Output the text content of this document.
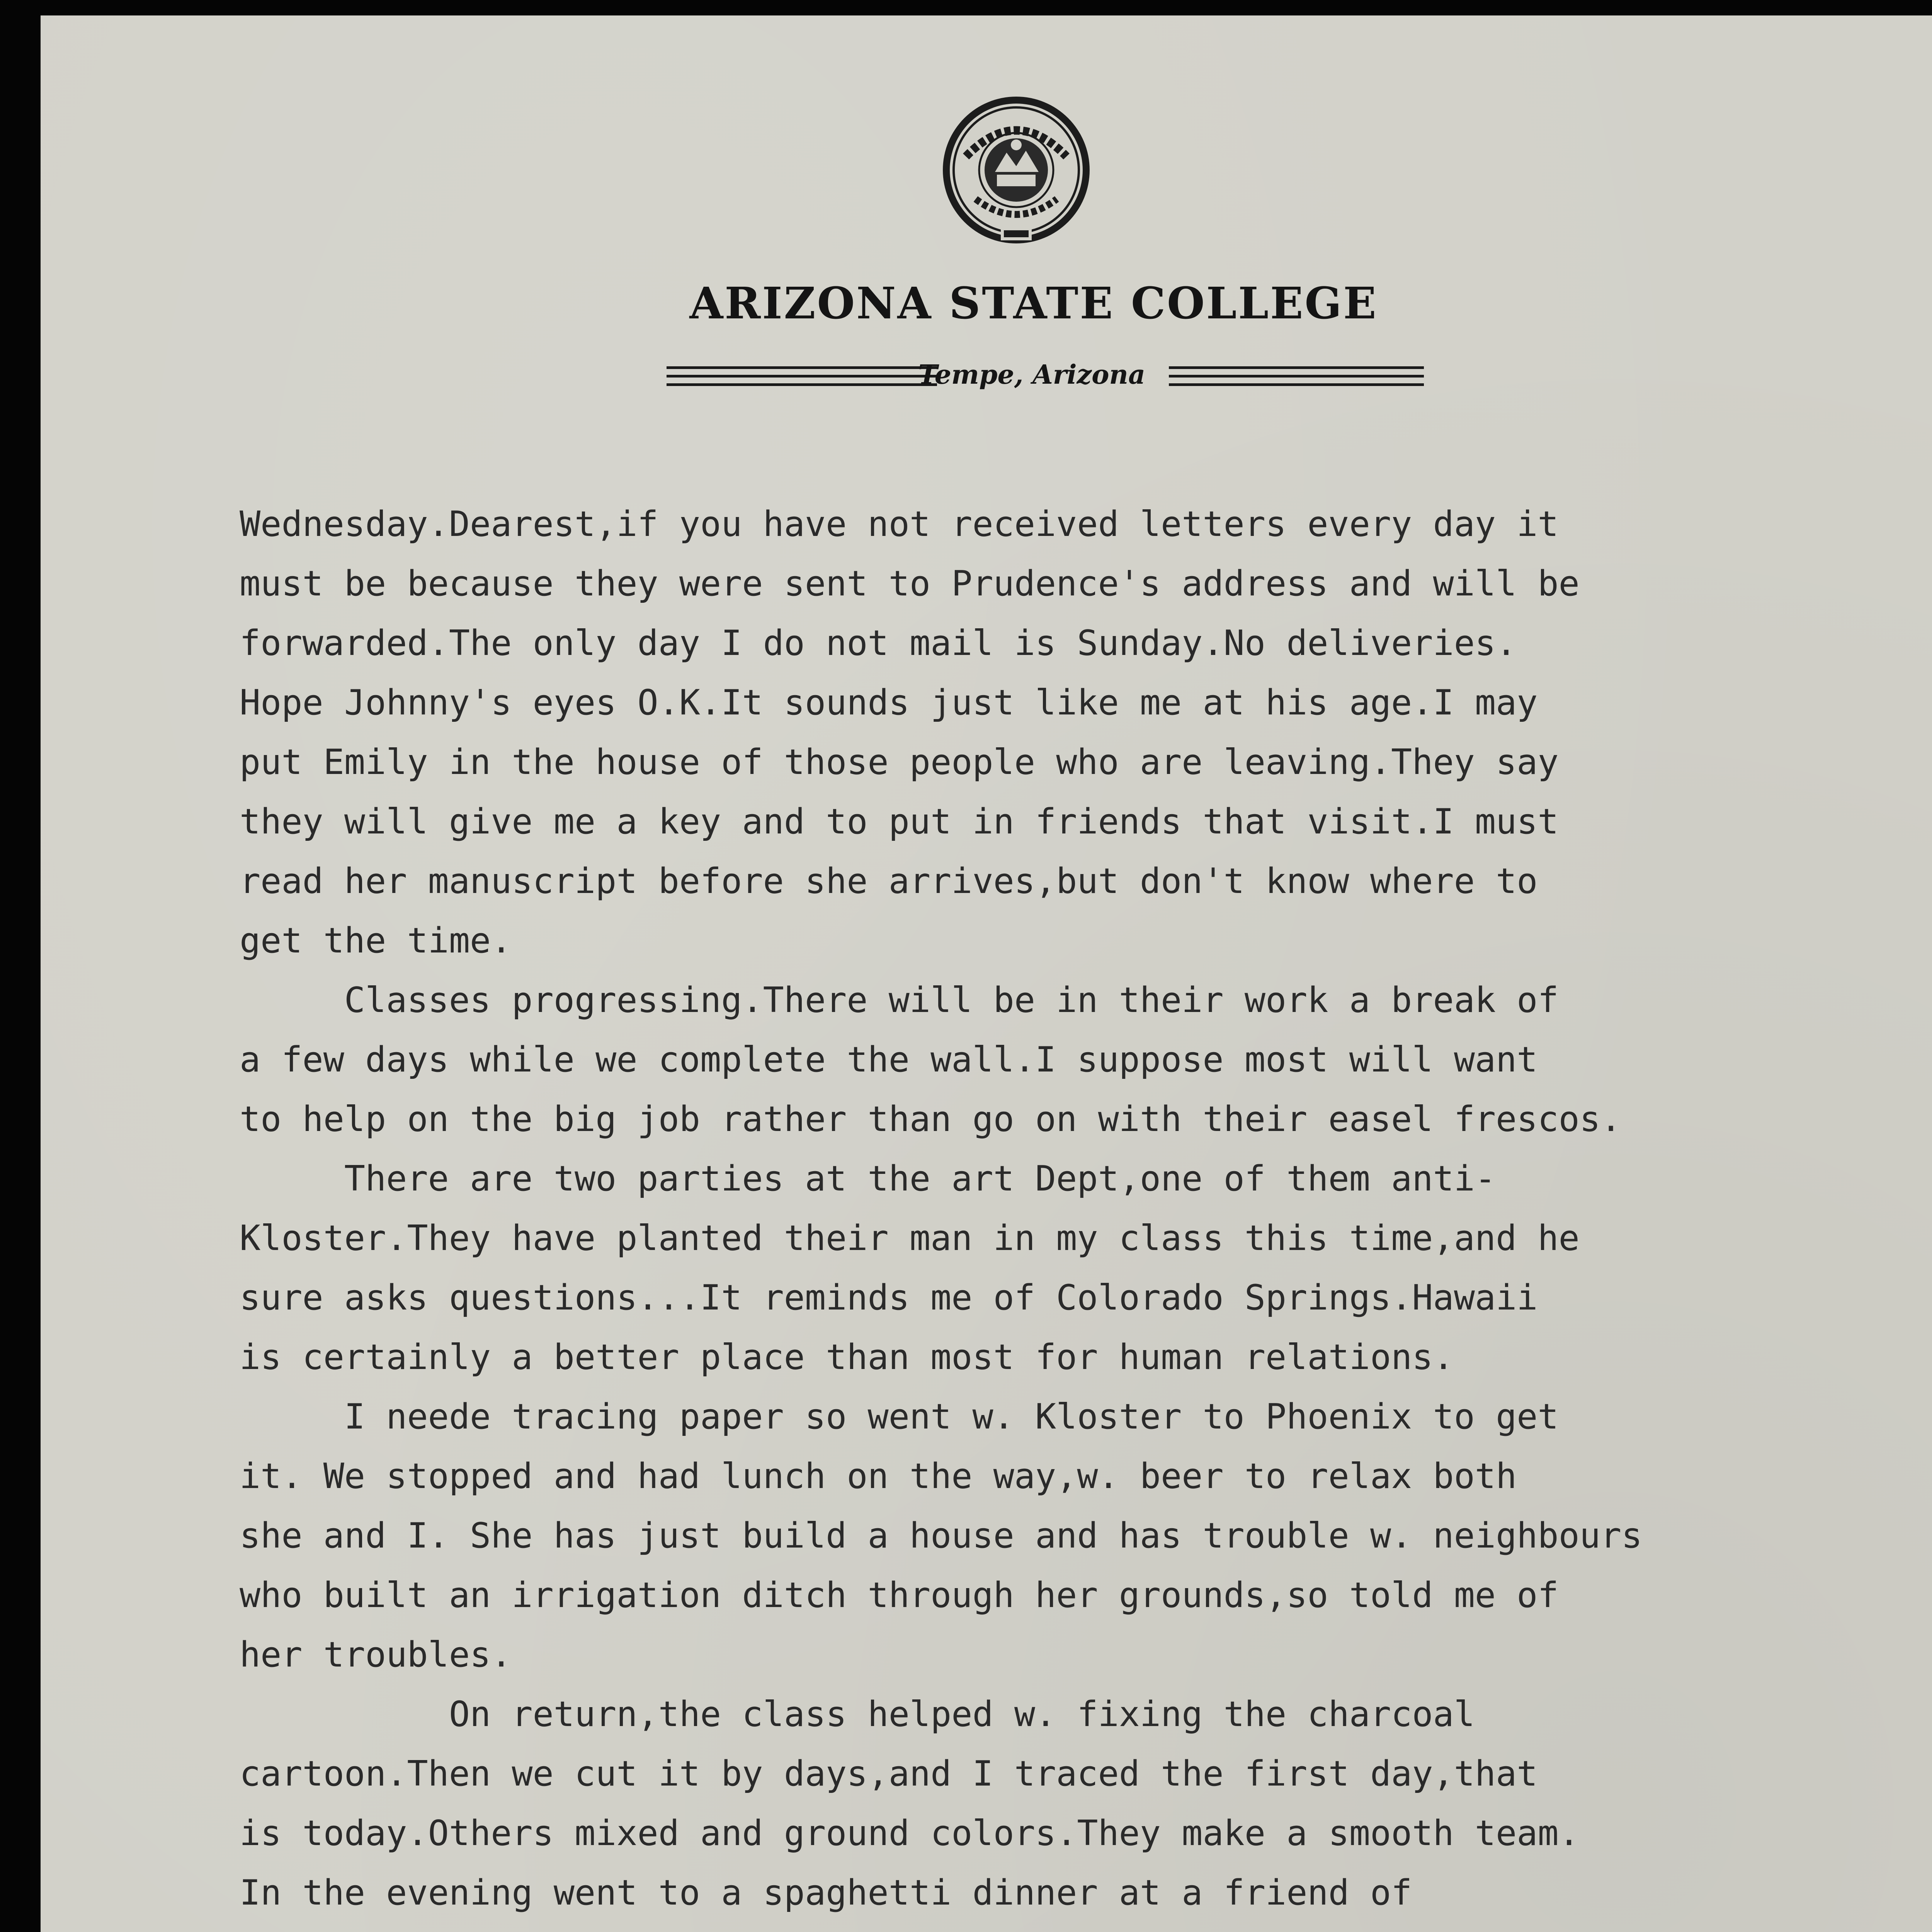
ARIZONA STATE COLLEGE
Tempe, Arizona
Wednesday.Dearest,if you have not received letters every day it
must be because they were sent to Prudence's address and will be
forwarded.The only day I do not mail is Sunday.No deliveries.
Hope Johnny's eyes O.K.It sounds just like me at his age.I may
put Emily in the house of those people who are leaving.They say
they will give me a key and to put in friends that visit.I must
read her manuscript before she arrives,but don't know where to
get the time.
Classes progressing.There will be in their work a break of
a few days while we complete the wall.I suppose most will want
to help on the big job rather than go on with their easel frescos.
There are two parties at the art Dept,one of them anti-
Kloster.They have planted their man in my class this time,and he
sure asks questions...It reminds me of Colorado Springs.Hawaii
is certainly a better place than most for human relations.
I neede tracing paper so went w. Kloster to Phoenix to get
it. We stopped and had lunch on the way,w. beer to relax both
she and I. She has just build a house and has trouble w. neighbours
who built an irrigation ditch through her grounds,so told me of
her troubles.
On return,the class helped w. fixing the charcoal
cartoon.Then we cut it by days,and I traced the first day,that
is today.Others mixed and ground colors.They make a smooth team.
In the evening went to a spaghetti dinner at a friend of
